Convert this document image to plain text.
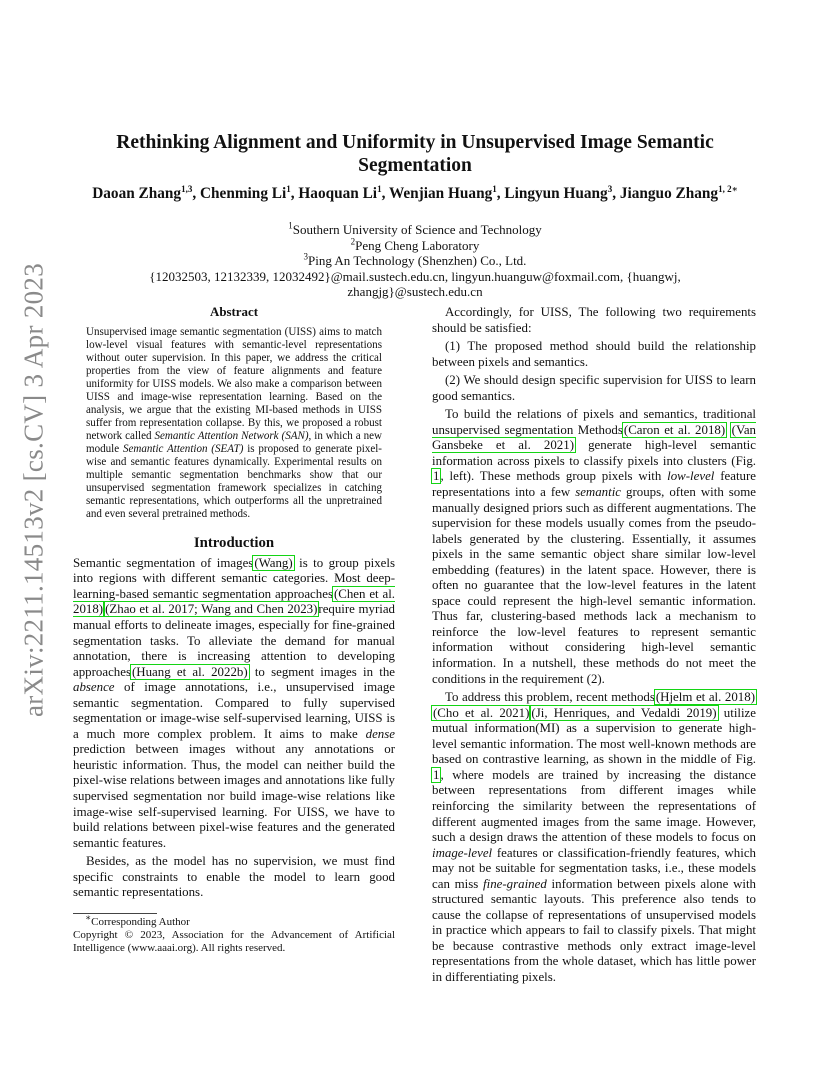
arXiv:2211.14513v2 [cs.CV] 3 Apr 2023
Rethinking Alignment and Uniformity in Unsupervised Image Semantic Segmentation
Daoan Zhang$^{1,3}$, Chenming Li$^1$, Haoquan Li$^1$, Wenjian Huang$^1$, Lingyun Huang$^3$, Jianguo Zhang$^{1, 2∗}$
$^1$Southern University of Science and Technology
$^2$Peng Cheng Laboratory
$^3$Ping An Technology (Shenzhen) Co., Ltd.
{12032503, 12132339, 12032492}@mail.sustech.edu.cn, lingyun.huanguw@foxmail.com, {huangwj, zhangjg}@sustech.edu.cn
Abstract
Unsupervised image semantic segmentation (UISS) aims to match low-level visual features with semantic-level representations without outer supervision. In this paper, we address the critical properties from the view of feature alignments and feature uniformity for UISS models. We also make a comparison between UISS and image-wise representation learning. Based on the analysis, we argue that the existing MI-based methods in UISS suffer from representation collapse. By this, we proposed a robust network called Semantic Attention Network (SAN), in which a new module Semantic Attention (SEAT) is proposed to generate pixel-wise and semantic features dynamically. Experimental results on multiple semantic segmentation benchmarks show that our unsupervised segmentation framework specializes in catching semantic representations, which outperforms all the unpretrained and even several pretrained methods.
Introduction

Semantic segmentation of images(Wang) is to group pixels into regions with different semantic categories. Most deep-learning-based semantic segmentation approaches(Chen et al. 2018) (Zhao et al. 2017; Wang and Chen 2023)require myriad manual efforts to delineate images, especially for fine-grained segmentation tasks. To alleviate the demand for manual annotation, there is increasing attention to developing approaches(Huang et al. 2022b) to segment images in the absence of image annotations, i.e., unsupervised image semantic segmentation. Compared to fully supervised segmentation or image-wise self-supervised learning, UISS is a much more complex problem. It aims to make dense prediction between images without any annotations or heuristic information. Thus, the model can neither build the pixel-wise relations between images and annotations like fully supervised segmentation nor build image-wise relations like image-wise self-supervised learning. For UISS, we have to build relations between pixel-wise features and the generated semantic features.

Besides, as the model has no supervision, we must find specific constraints to enable the model to learn good semantic representations.

∗Corresponding Author
Copyright © 2023, Association for the Advancement of Artificial Intelligence (www.aaai.org). All rights reserved.

Accordingly, for UISS, The following two requirements should be satisfied:

(1) The proposed method should build the relationship between pixels and semantics.

(2) We should design specific supervision for UISS to learn good semantics.

To build the relations of pixels and semantics, traditional unsupervised segmentation Methods(Caron et al. 2018) (Van Gansbeke et al. 2021) generate high-level semantic information across pixels to classify pixels into clusters (Fig. 1, left). These methods group pixels with low-level feature representations into a few semantic groups, often with some manually designed priors such as different augmentations. The supervision for these models usually comes from the pseudo-labels generated by the clustering. Essentially, it assumes pixels in the same semantic object share similar low-level embedding (features) in the latent space. However, there is often no guarantee that the low-level features in the latent space could represent the high-level semantic information. Thus far, clustering-based methods lack a mechanism to reinforce the low-level features to represent semantic information without considering high-level semantic information. In a nutshell, these methods do not meet the conditions in the requirement (2).

To address this problem, recent methods(Hjelm et al. 2018)(Cho et al. 2021) (Ji, Henriques, and Vedaldi 2019) utilize mutual information(MI) as a supervision to generate high-level semantic information. The most well-known methods are based on contrastive learning, as shown in the middle of Fig. 1, where models are trained by increasing the distance between representations from different images while reinforcing the similarity between the representations of different augmented images from the same image. However, such a design draws the attention of these models to focus on image-level features or classification-friendly features, which may not be suitable for segmentation tasks, i.e., these models can miss fine-grained information between pixels alone with structured semantic layouts. This preference also tends to cause the collapse of representations of unsupervised models in practice which appears to fail to classify pixels. That might be because contrastive methods only extract image-level representations from the whole dataset, which has little power in differentiating pixels.
